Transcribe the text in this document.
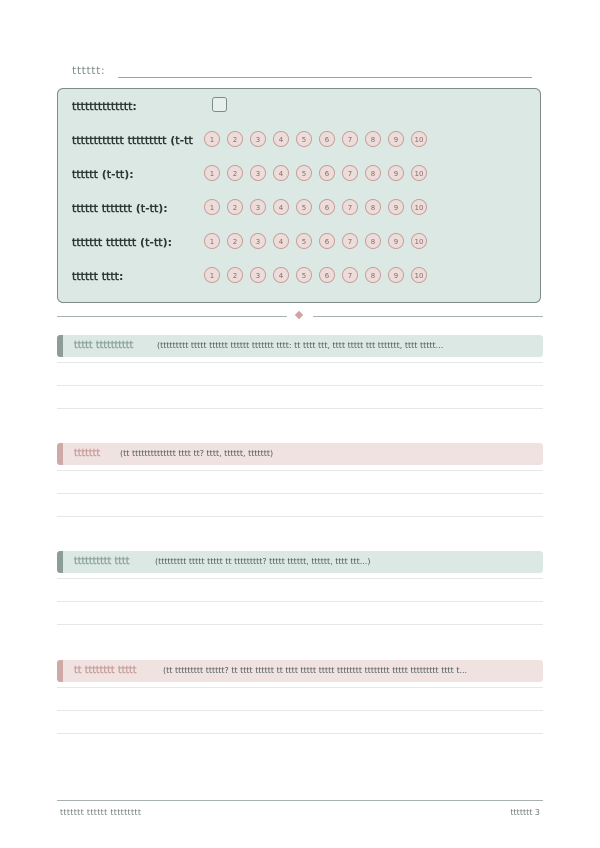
𝗍𝗍𝗍𝗍𝗍𝗍:
𝗍𝗍𝗍𝗍𝗍𝗍𝗍𝗍𝗍𝗍𝗍𝗍𝗍𝗍:
𝗍𝗍𝗍𝗍𝗍𝗍𝗍𝗍𝗍𝗍𝗍𝗍 𝗍𝗍𝗍𝗍𝗍𝗍𝗍𝗍𝗍 (𝗍-𝗍𝗍	1	2	3	4	5	6	7	8	9	10
𝗍𝗍𝗍𝗍𝗍𝗍 (𝗍-𝗍𝗍):	1	2	3	4	5	6	7	8	9	10
𝗍𝗍𝗍𝗍𝗍𝗍 𝗍𝗍𝗍𝗍𝗍𝗍𝗍 (𝗍-𝗍𝗍):	1	2	3	4	5	6	7	8	9	10
𝗍𝗍𝗍𝗍𝗍𝗍𝗍 𝗍𝗍𝗍𝗍𝗍𝗍𝗍 (𝗍-𝗍𝗍):	1	2	3	4	5	6	7	8	9	10
𝗍𝗍𝗍𝗍𝗍𝗍 𝗍𝗍𝗍𝗍:	1	2	3	4	5	6	7	8	9	10
𝗍𝗍𝗍𝗍𝗍 𝗍𝗍𝗍𝗍𝗍𝗍𝗍𝗍𝗍𝗍	(𝗍𝗍𝗍𝗍𝗍𝗍𝗍𝗍𝗍 𝗍𝗍𝗍𝗍𝗍 𝗍𝗍𝗍𝗍𝗍𝗍 𝗍𝗍𝗍𝗍𝗍𝗍 𝗍𝗍𝗍𝗍𝗍𝗍𝗍 𝗍𝗍𝗍𝗍: 𝗍𝗍 𝗍𝗍𝗍𝗍 𝗍𝗍𝗍, 𝗍𝗍𝗍𝗍 𝗍𝗍𝗍𝗍𝗍 𝗍𝗍𝗍 𝗍𝗍𝗍𝗍𝗍𝗍𝗍, 𝗍𝗍𝗍𝗍 𝗍𝗍𝗍𝗍𝗍...
𝗍𝗍𝗍𝗍𝗍𝗍𝗍 (𝗍𝗍 𝗍𝗍𝗍𝗍𝗍𝗍𝗍𝗍𝗍𝗍𝗍𝗍𝗍𝗍 𝗍𝗍𝗍𝗍 𝗍𝗍? 𝗍𝗍𝗍𝗍, 𝗍𝗍𝗍𝗍𝗍𝗍, 𝗍𝗍𝗍𝗍𝗍𝗍𝗍)
𝗍𝗍𝗍𝗍𝗍𝗍𝗍𝗍𝗍𝗍 𝗍𝗍𝗍𝗍	(𝗍𝗍𝗍𝗍𝗍𝗍𝗍𝗍𝗍 𝗍𝗍𝗍𝗍𝗍 𝗍𝗍𝗍𝗍𝗍 𝗍𝗍 𝗍𝗍𝗍𝗍𝗍𝗍𝗍𝗍𝗍? 𝗍𝗍𝗍𝗍𝗍 𝗍𝗍𝗍𝗍𝗍𝗍, 𝗍𝗍𝗍𝗍𝗍𝗍, 𝗍𝗍𝗍𝗍 𝗍𝗍𝗍...)
𝗍𝗍 𝗍𝗍𝗍𝗍𝗍𝗍𝗍𝗍 𝗍𝗍𝗍𝗍𝗍	(𝗍𝗍 𝗍𝗍𝗍𝗍𝗍𝗍𝗍𝗍𝗍 𝗍𝗍𝗍𝗍𝗍𝗍? 𝗍𝗍 𝗍𝗍𝗍𝗍 𝗍𝗍𝗍𝗍𝗍𝗍 𝗍𝗍 𝗍𝗍𝗍𝗍 𝗍𝗍𝗍𝗍𝗍 𝗍𝗍𝗍𝗍𝗍 𝗍𝗍𝗍𝗍𝗍𝗍𝗍𝗍 𝗍𝗍𝗍𝗍𝗍𝗍𝗍𝗍 𝗍𝗍𝗍𝗍𝗍 𝗍𝗍𝗍𝗍𝗍𝗍𝗍𝗍𝗍 𝗍𝗍𝗍𝗍 𝗍...
𝗍𝗍𝗍𝗍𝗍𝗍𝗍 𝗍𝗍𝗍𝗍𝗍𝗍 𝗍𝗍𝗍𝗍𝗍𝗍𝗍𝗍𝗍	𝗍𝗍𝗍𝗍𝗍𝗍𝗍 3
